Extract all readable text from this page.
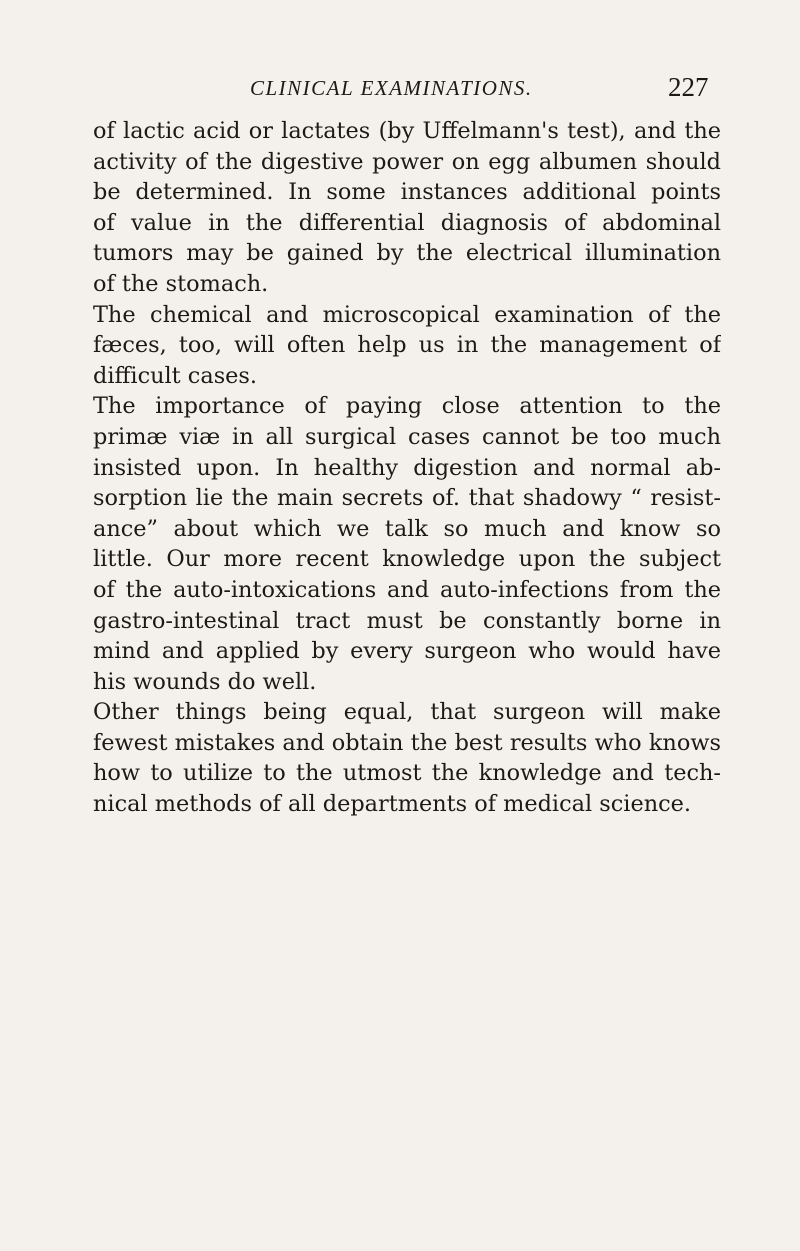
CLINICAL EXAMINATIONS.	227
of lactic acid or lactates (by Uffelmann's test), and the
activity of the digestive power on egg albumen should
be determined. In some instances additional points
of value in the differential diagnosis of abdominal
tumors may be gained by the electrical illumination
of the stomach.
The chemical and microscopical examination of the
fæces, too, will often help us in the management of
difficult cases.
The importance of paying close attention to the
primæ viæ in all surgical cases cannot be too much
insisted upon. In healthy digestion and normal ab-
sorption lie the main secrets of. that shadowy “ resist-
ance” about which we talk so much and know so
little. Our more recent knowledge upon the subject
of the auto-intoxications and auto-infections from the
gastro-intestinal tract must be constantly borne in
mind and applied by every surgeon who would have
his wounds do well.
Other things being equal, that surgeon will make
fewest mistakes and obtain the best results who knows
how to utilize to the utmost the knowledge and tech-
nical methods of all departments of medical science.
